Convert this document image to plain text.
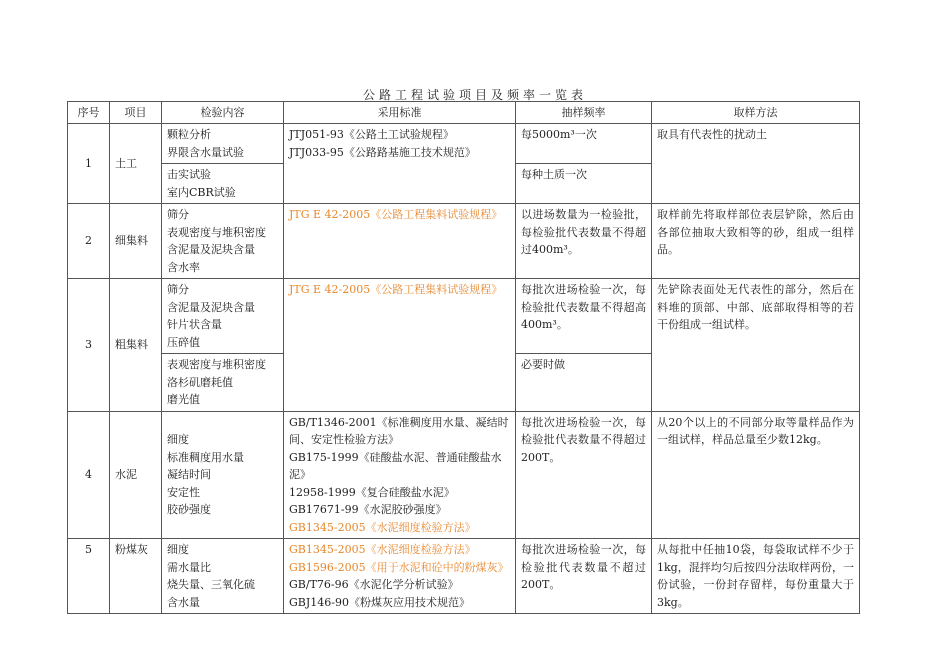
公路工程试验项目及频率一览表
序号	项目	检验内容	采用标准	抽样频率	取样方法
1	土工	颗粒分析
界限含水量试验	JTJ051-93《公路土工试验规程》
JTJ033-95《公路路基施工技术规范》	每5000m³一次	取具有代表性的扰动土

		击实试验
室内CBR试验		每种土质一次	
2	细集料	筛分
表观密度与堆积密度
含泥量及泥块含量
含水率	JTG E 42-2005《公路工程集料试验规程》	以进场数量为一检验批，每检验批代表数量不得超过400m³。	取样前先将取样部位表层铲除，然后由各部位抽取大致相等的砂，组成一组样品。
3	粗集料	筛分
含泥量及泥块含量
针片状含量
压碎值	JTG E 42-2005《公路工程集料试验规程》	每批次进场检验一次，每检验批代表数量不得超高400m³。	先铲除表面处无代表性的部分，然后在料堆的顶部、中部、底部取得相等的若干份组成一组试样。

		表观密度与堆积密度
洛杉矶磨耗值
磨光值		必要时做	
4	水泥	细度
标准稠度用水量
凝结时间
安定性
胶砂强度	GB/T1346-2001《标准稠度用水量、凝结时间、安定性检验方法》
GB175-1999《硅酸盐水泥、普通硅酸盐水泥》
12958-1999《复合硅酸盐水泥》
GB17671-99《水泥胶砂强度》
GB1345-2005《水泥细度检验方法》	每批次进场检验一次，每检验批代表数量不得超过200T。	从20个以上的不同部分取等量样品作为一组试样，样品总量至少数12kg。
5	粉煤灰	细度
需水量比
烧失量、三氧化硫
含水量	GB1345-2005《水泥细度检验方法》
GB1596-2005《用于水泥和砼中的粉煤灰》
GB/T76-96《水泥化学分析试验》
GBJ146-90《粉煤灰应用技术规范》	每批次进场检验一次，每检验批代表数量不超过200T。	从每批中任抽10袋，每袋取试样不少于1kg，混拌均匀后按四分法取样两份，一份试验，一份封存留样，每份重量大于3kg。
